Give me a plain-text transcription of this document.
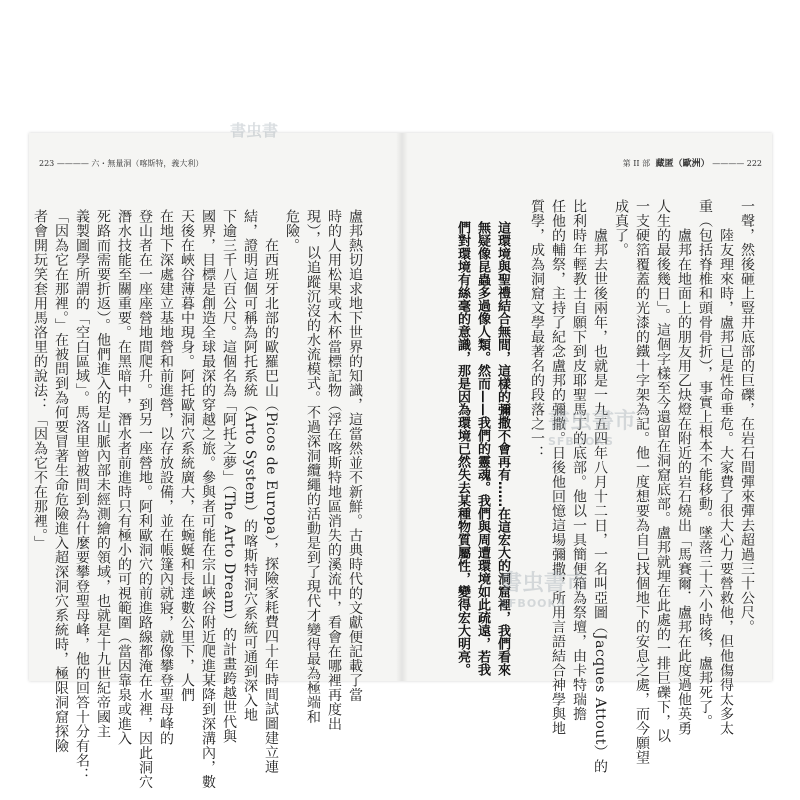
223 ———— 六・無量洞（喀斯特，義大利）	第 II 部 藏匿（歐洲） ———— 222
一聲，然後砸上豎井底部的巨礫，在岩石間彈來彈去超過三十公尺。
　　陸友理來時，盧邦已是性命垂危。大家費了很大心力要營救他，但他傷得太多太
重（包括脊椎和頭骨骨折），事實上根本不能移動。墜落三十六小時後，盧邦死了。
　　盧邦在地面上的朋友用乙炔燈在附近的岩石燒出「馬賽爾．盧邦在此度過他英勇
人生的最後幾日」。這個字樣至今還留在洞窟底部。盧邦就埋在此處的一排巨礫下，以
一支硬箔覆蓋的光漆的鐵十字架為記。他一度想要為自己找個地下的安息之處，而今願望
成真了。
　　盧邦去世後兩年，也就是一九五四年八月十二日，一名叫亞圖（Jacques Attout）的
比利時年輕教士自願下到皮耶聖馬丁的底部。他以一具簡便箱為祭壇，由卡特瑞擔
任他的輔祭，主持了紀念盧邦的彌撒。日後他回憶這場彌撒，所用言語結合神學與地
質學，成為洞窟文學最著名的段落之一：
盧邦熱切追求地下世界的知識，這當然並不新鮮。古典時代的文獻便記載了當
時的人用松果或木杯當標記物（浮在喀斯特地區消失的溪流中，看會在哪裡再度出
現），以追蹤沉沒的水流模式。不過深洞纜繩的活動是到了現代才變得最為極端和
危險。
　　在西班牙北部的歐羅巴山（Picos de Europa），探險家耗費四十年時間試圖建立連
結，證明這個可稱為阿托系統（Arto System）的喀斯特洞穴系統可通到深入地
下逾三千八百公尺。這個名為「阿托之夢」（The Arto Dream）的計畫跨越世代與
國界，目標是創造全球最深的穿越之旅。參與者可能在宗山峽谷附近爬進某降到深溝內，數
天後在峽谷薄暮中現身。阿托歐洞穴系統廣大，在蜿蜒和長達數公里下，人們
在地下深處建立基地營和前進營，以存放設備，並在帳篷內就寢，就像攀登聖母峰的
登山者在一座座營地間爬升。到另一座營地。阿利歐洞穴的前進路線都淹在水裡，因此洞穴
潛水技能至關重要。在黑暗中，潛水者前進時只有極小的可視範圍（當因靠泉或進入
死路而需要折返）。他們進入的是山脈內部未經測繪的領域，也就是十九世紀帝國主
義製圖學所謂的「空白區域」。馬洛里曾被問到為什麼要攀登聖母峰，他的回答十分有名：
「因為它在那裡。」在被問到為何要冒著生命危險進入超深洞穴系統時，極限洞窟探險
者會開玩笑套用馬洛里的說法：「因為它不在那裡。」	這環境與聖禮結合無間，這樣的彌撒不會再有……在這宏大的洞窟裡，我們看來
無疑像昆蟲多過像人類。然而——我們的靈魂。我們與周遭環境如此疏遠，若我
們對環境有絲毫的意識，那是因為環境已然失去某種物質屬性，變得宏大明亮。
書虫書
書虫書市
SFBOOKS
書虫書市
SFBOOKS
